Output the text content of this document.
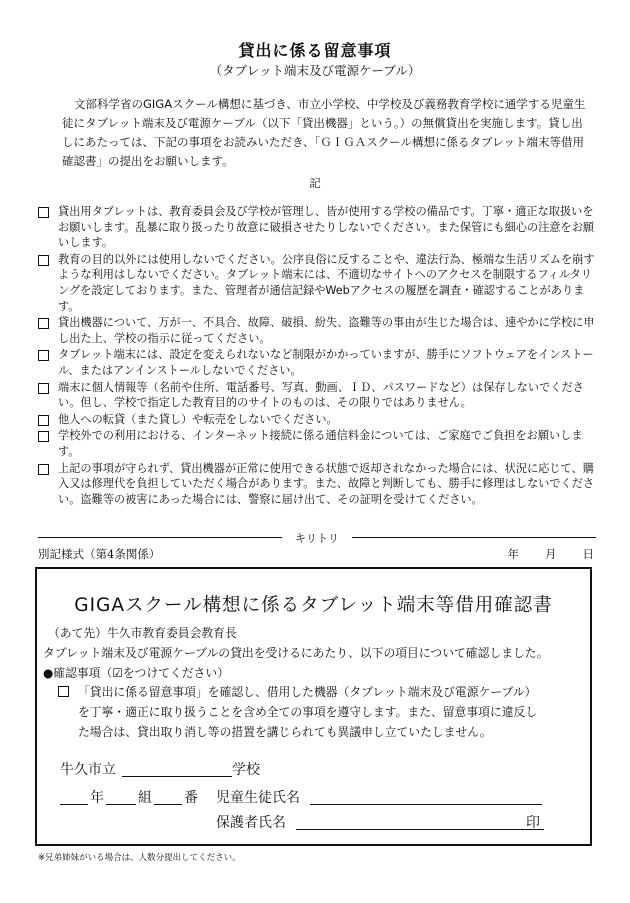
貸出に係る留意事項
（タブレット端末及び電源ケーブル）
文部科学省のGIGAスクール構想に基づき、市立小学校、中学校及び義務教育学校に通学する児童生徒にタブレット端末及び電源ケーブル（以下「貸出機器」という。）の無償貸出を実施します。貸し出しにあたっては、下記の事項をお読みいただき、「ＧＩＧＡスクール構想に係るタブレット端末等借用確認書」の提出をお願いします。
記
貸出用タブレットは、教育委員会及び学校が管理し、皆が使用する学校の備品です。丁寧・適正な取扱いをお願いします。乱暴に取り扱ったり故意に破損させたりしないでください。また保管にも細心の注意をお願いします。
教育の目的以外には使用しないでください。公序良俗に反することや、違法行為、極端な生活リズムを崩すような利用はしないでください。タブレット端末には、不適切なサイトへのアクセスを制限するフィルタリングを設定しております。また、管理者が通信記録やWebアクセスの履歴を調査・確認することがあります。
貸出機器について、万が一、不具合、故障、破損、紛失、盗難等の事由が生じた場合は、速やかに学校に申し出た上、学校の指示に従ってください。
タブレット端末には、設定を変えられないなど制限がかかっていますが、勝手にソフトウェアをインストール、またはアンインストールしないでください。
端末に個人情報等（名前や住所、電話番号、写真、動画、ＩＤ、パスワードなど）は保存しないでください。但し、学校で指定した教育目的のサイトのものは、その限りではありません。
他人への転貸（また貸し）や転売をしないでください。
学校外での利用における、インターネット接続に係る通信料金については、ご家庭でご負担をお願いします。
上記の事項が守られず、貸出機器が正常に使用できる状態で返却されなかった場合には、状況に応じて、購入又は修理代を負担していただく場合があります。また、故障と判断しても、勝手に修理はしないでください。盗難等の被害にあった場合には、警察に届け出て、その証明を受けてください。
キリトリ
別記様式（第4条関係）	年 月 日
GIGAスクール構想に係るタブレット端末等借用確認書
（あて先）牛久市教育委員会教育長
タブレット端末及び電源ケーブルの貸出を受けるにあたり、以下の項目について確認しました。
●確認事項（☑をつけてください）
「貸出に係る留意事項」を確認し、借用した機器（タブレット端末及び電源ケーブル）
を丁寧・適正に取り扱うことを含め全ての事項を遵守します。また、留意事項に違反し
た場合は、貸出取り消し等の措置を講じられても異議申し立ていたしません。
牛久市立	学校
年 組 番 児童生徒氏名
保護者氏名	印
※兄弟姉妹がいる場合は、人数分提出してください。
